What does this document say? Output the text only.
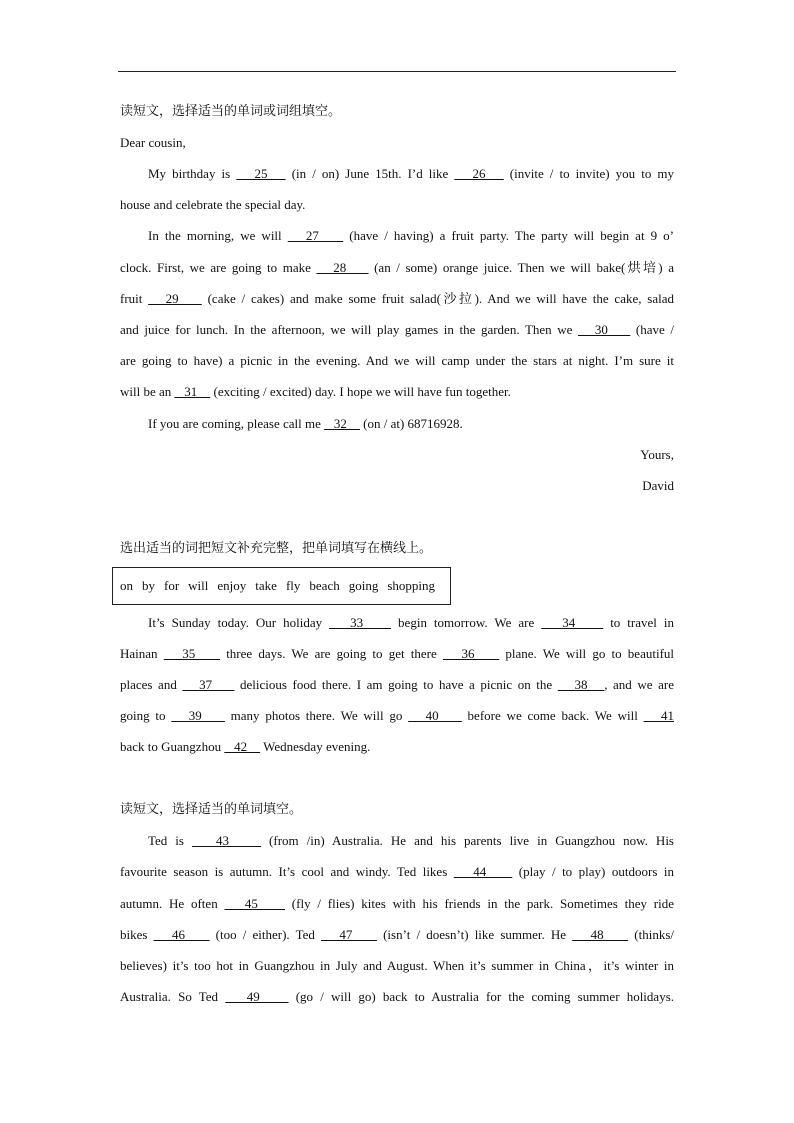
读短文，选择适当的单词或词组填空。
Dear cousin,
My birthday is    25    (in / on) June 15th. I’d like    26    (invite / to invite) you to my
house and celebrate the special day.
In the morning, we will    27     (have / having) a fruit party. The party will begin at 9 o’
clock. First, we are going to make    28     (an / some) orange juice. Then we will bake(烘培) a
fruit    29     (cake / cakes) and make some fruit salad(沙拉). And we will have the cake, salad
and juice for lunch. In the afternoon, we will play games in the garden. Then we    30     (have /
are going to have) a picnic in the evening. And we will camp under the stars at night. I’m sure it
will be an    31     (exciting / excited) day. I hope we will have fun together.
If you are coming, please call me    32     (on / at) 68716928.
Yours,
David
选出适当的词把短文补充完整，把单词填写在横线上。
on by for will enjoy take fly beach going shopping
It’s Sunday today. Our holiday    33     begin tomorrow. We are    34     to travel in
Hainan    35     three days. We are going to get there    36     plane. We will go to beautiful
places and    37     delicious food there. I am going to have a picnic on the    38   , and we are
going to    39     many photos there. We will go    40     before we come back. We will    41
back to Guangzhou    42     Wednesday evening.
读短文，选择适当的单词填空。
Ted is    43     (from /in) Australia. He and his parents live in Guangzhou now. His
favourite season is autumn. It’s cool and windy. Ted likes    44     (play / to play) outdoors in
autumn. He often    45     (fly / flies) kites with his friends in the park. Sometimes they ride
bikes    46     (too / either). Ted    47     (isn’t / doesn’t) like summer. He    48     (thinks/
believes) it’s too hot in Guangzhou in July and August. When it’s summer in China，it’s winter in
Australia. So Ted    49     (go / will go) back to Australia for the coming summer holidays.
